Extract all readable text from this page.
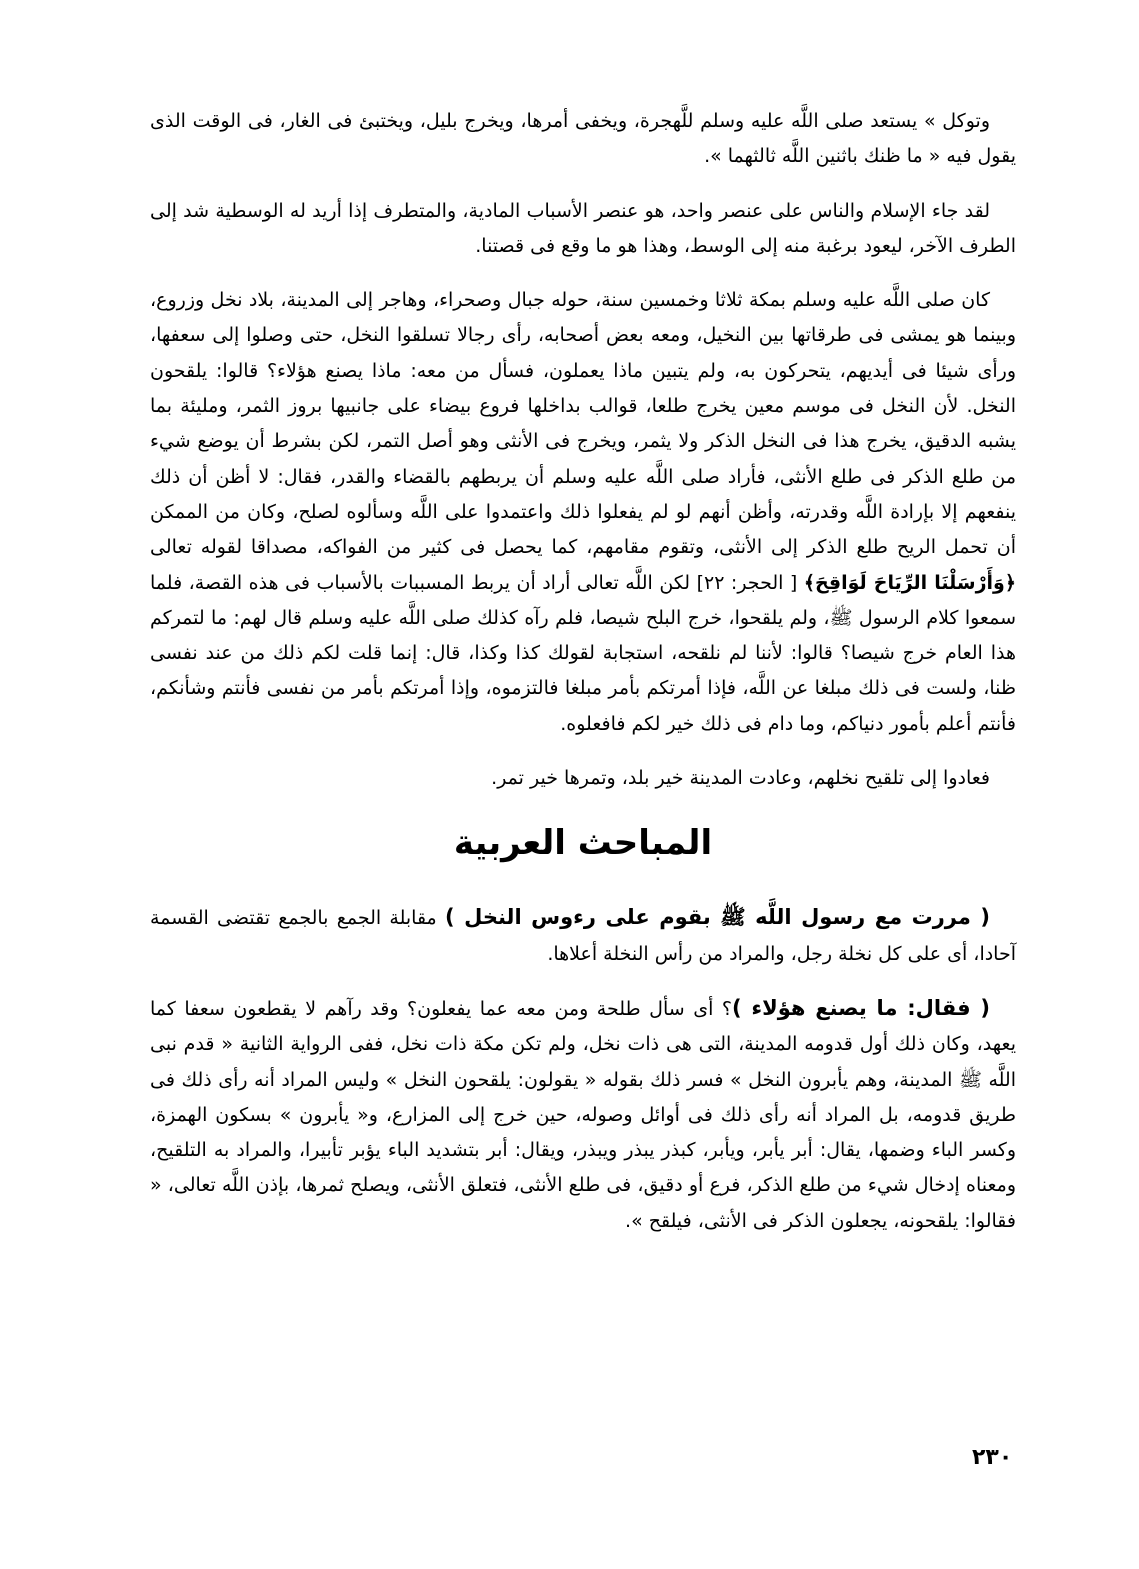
وتوكل » يستعد صلى اللَّه عليه وسلم للَّهجرة، ويخفى أمرها، ويخرج بليل، ويختبئ فى الغار، فى الوقت الذى يقول فيه « ما ظنك باثنين اللَّه ثالثهما ».

لقد جاء الإسلام والناس على عنصر واحد، هو عنصر الأسباب المادية، والمتطرف إذا أريد له الوسطية شد إلى الطرف الآخر، ليعود برغبة منه إلى الوسط، وهذا هو ما وقع فى قصتنا.

كان صلى اللَّه عليه وسلم بمكة ثلاثا وخمسين سنة، حوله جبال وصحراء، وهاجر إلى المدينة، بلاد نخل وزروع، وبينما هو يمشى فى طرقاتها بين النخيل، ومعه بعض أصحابه، رأى رجالا تسلقوا النخل، حتى وصلوا إلى سعفها، ورأى شيئا فى أيديهم، يتحركون به، ولم يتبين ماذا يعملون، فسأل من معه: ماذا يصنع هؤلاء؟ قالوا: يلقحون النخل. لأن النخل فى موسم معين يخرج طلعا، قوالب بداخلها فروع بيضاء على جانبيها بروز الثمر، ومليئة بما يشبه الدقيق، يخرج هذا فى النخل الذكر ولا يثمر، ويخرج فى الأنثى وهو أصل التمر، لكن بشرط أن يوضع شيء من طلع الذكر فى طلع الأنثى، فأراد صلى اللَّه عليه وسلم أن يربطهم بالقضاء والقدر، فقال: لا أظن أن ذلك ينفعهم إلا بإرادة اللَّه وقدرته، وأظن أنهم لو لم يفعلوا ذلك واعتمدوا على اللَّه وسألوه لصلح، وكان من الممكن أن تحمل الريح طلع الذكر إلى الأنثى، وتقوم مقامهم، كما يحصل فى كثير من الفواكه، مصداقا لقوله تعالى ﴿وَأَرْسَلْنَا الرِّيَاحَ لَوَاقِحَ﴾ [ الحجر: ٢٢] لكن اللَّه تعالى أراد أن يربط المسببات بالأسباب فى هذه القصة، فلما سمعوا كلام الرسول ﷺ، ولم يلقحوا، خرج البلح شيصا، فلم رآه كذلك صلى اللَّه عليه وسلم قال لهم: ما لتمركم هذا العام خرج شيصا؟ قالوا: لأننا لم نلقحه، استجابة لقولك كذا وكذا، قال: إنما قلت لكم ذلك من عند نفسى ظنا، ولست فى ذلك مبلغا عن اللَّه، فإذا أمرتكم بأمر مبلغا فالتزموه، وإذا أمرتكم بأمر من نفسى فأنتم وشأنكم، فأنتم أعلم بأمور دنياكم، وما دام فى ذلك خير لكم فافعلوه.

فعادوا إلى تلقيح نخلهم، وعادت المدينة خير بلد، وتمرها خير تمر.

المباحث العربية

( مررت مع رسول اللَّه ﷺ بقوم على رءوس النخل ) مقابلة الجمع بالجمع تقتضى القسمة آحادا، أى على كل نخلة رجل، والمراد من رأس النخلة أعلاها.

( فقال: ما يصنع هؤلاء )؟ أى سأل طلحة ومن معه عما يفعلون؟ وقد رآهم لا يقطعون سعفا كما يعهد، وكان ذلك أول قدومه المدينة، التى هى ذات نخل، ولم تكن مكة ذات نخل، ففى الرواية الثانية « قدم نبى اللَّه ﷺ المدينة، وهم يأبرون النخل » فسر ذلك بقوله « يقولون: يلقحون النخل » وليس المراد أنه رأى ذلك فى طريق قدومه، بل المراد أنه رأى ذلك فى أوائل وصوله، حين خرج إلى المزارع، و« يأبرون » بسكون الهمزة، وكسر الباء وضمها، يقال: أبر يأبر، ويأبر، كبذر يبذر ويبذر، ويقال: أبر بتشديد الباء يؤبر تأبيرا، والمراد به التلقيح، ومعناه إدخال شيء من طلع الذكر، فرع أو دقيق، فى طلع الأنثى، فتعلق الأنثى، ويصلح ثمرها، بإذن اللَّه تعالى، « فقالوا: يلقحونه، يجعلون الذكر فى الأنثى، فيلقح ».

٢٣٠
